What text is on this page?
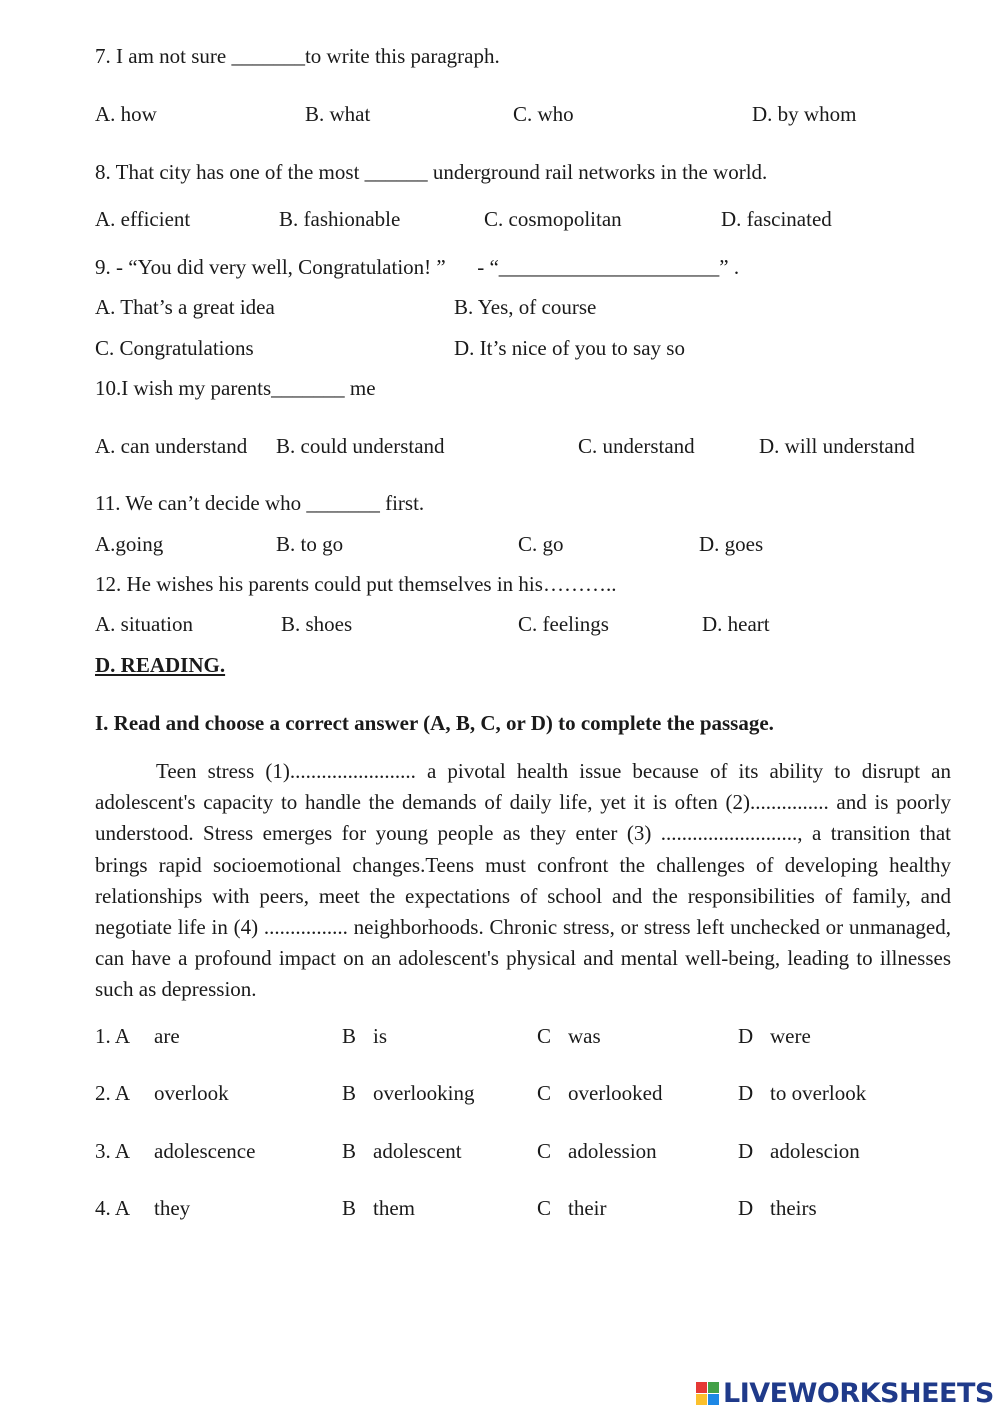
7. I am not sure _______to write this paragraph.
A. how	B. what	C. who	D. by whom
8. That city has one of the most ______ underground rail networks in the world.
A. efficient	B. fashionable	C. cosmopolitan	D. fascinated
9. - “You did very well, Congratulation! ”      - “_____________________” .
A. That’s a great idea	B. Yes, of course
C. Congratulations	D. It’s nice of you to say so
10.I wish my parents_______ me
A. can understand B. could understand	C. understand	D. will understand
11. We can’t decide who _______ first.
A.going	B. to go	C. go	D. goes
12. He wishes his parents could put themselves in his………..
A. situation	B. shoes	C. feelings	D. heart
D. READING.
I. Read and choose a correct answer (A, B, C, or D) to complete the passage.
Teen stress (1)........................ a pivotal health issue because of its ability to disrupt an adolescent's capacity to handle the demands of daily life, yet it is often (2)............... and is poorly understood. Stress emerges for young people as they enter (3) .........................., a transition that brings rapid socioemotional changes.Teens must confront the challenges of developing healthy relationships with peers, meet the expectations of school and the responsibilities of family, and negotiate life in (4) ................ neighborhoods. Chronic stress, or stress left unchecked or unmanaged, can have a profound impact on an adolescent's physical and mental well-being, leading to illnesses such as depression.
1. A are	B is	C was	D were
2. A overlook	B overlooking	C overlooked	D to overlook
3. A adolescence	B adolescent	C adolession	D adolescion
4. A they	B them	C their	D theirs
LIVEWORKSHEETS
